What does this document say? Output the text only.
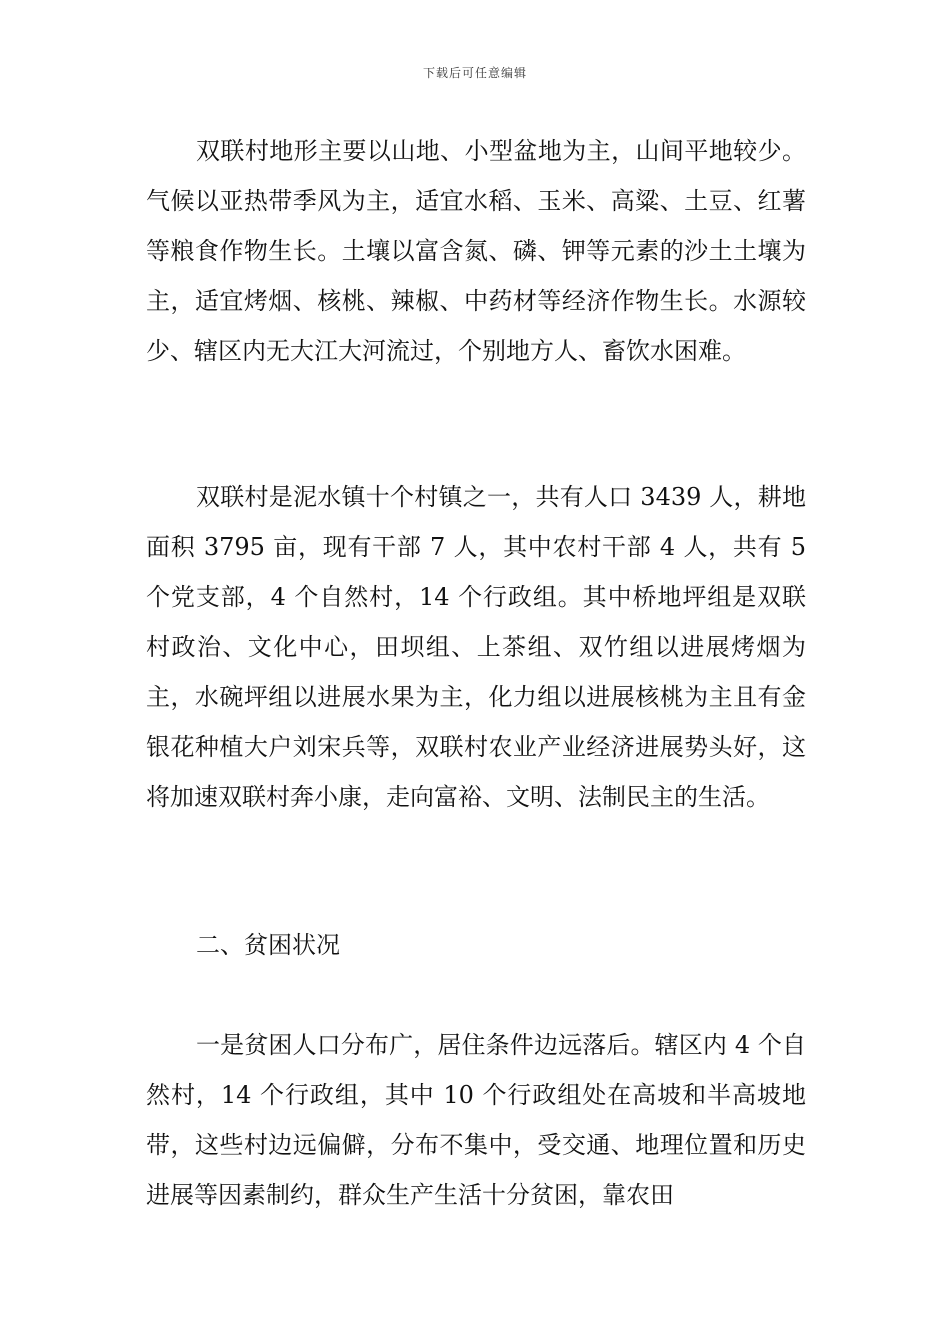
下载后可任意编辑

双联村地形主要以山地、小型盆地为主，山间平地较少。气候以亚热带季风为主，适宜水稻、玉米、高粱、土豆、红薯等粮食作物生长。土壤以富含氮、磷、钾等元素的沙土土壤为主，适宜烤烟、核桃、辣椒、中药材等经济作物生长。水源较少、辖区内无大江大河流过，个别地方人、畜饮水困难。

双联村是泥水镇十个村镇之一，共有人口 3439 人，耕地面积 3795 亩，现有干部 7 人，其中农村干部 4 人，共有 5 个党支部，4 个自然村，14 个行政组。其中桥地坪组是双联村政治、文化中心，田坝组、上茶组、双竹组以进展烤烟为主，水碗坪组以进展水果为主，化力组以进展核桃为主且有金银花种植大户刘宋兵等，双联村农业产业经济进展势头好，这将加速双联村奔小康，走向富裕、文明、法制民主的生活。

二、贫困状况

一是贫困人口分布广，居住条件边远落后。辖区内 4 个自然村，14 个行政组，其中 10 个行政组处在高坡和半高坡地带，这些村边远偏僻，分布不集中，受交通、地理位置和历史进展等因素制约，群众生产生活十分贫困，靠农田
